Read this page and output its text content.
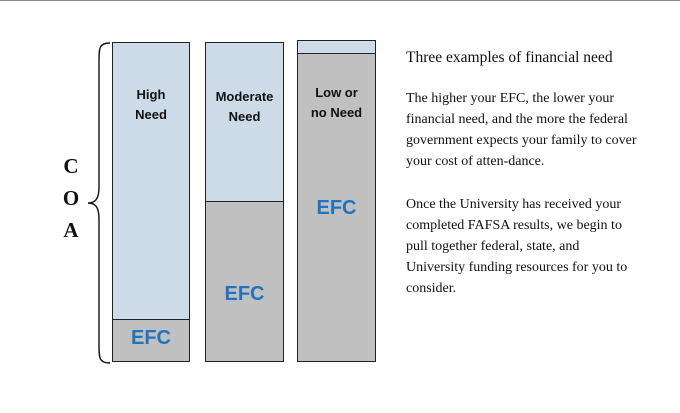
C
O
A
High
Need
EFC
Moderate
Need
EFC
Low or
no Need
EFC

Three examples of financial need

The higher your EFC, the lower your financial need, and the more the federal government expects your family to cover your cost of atten-dance.

Once the University has received your completed FAFSA results, we begin to pull together federal, state, and University funding resources for you to consider.
